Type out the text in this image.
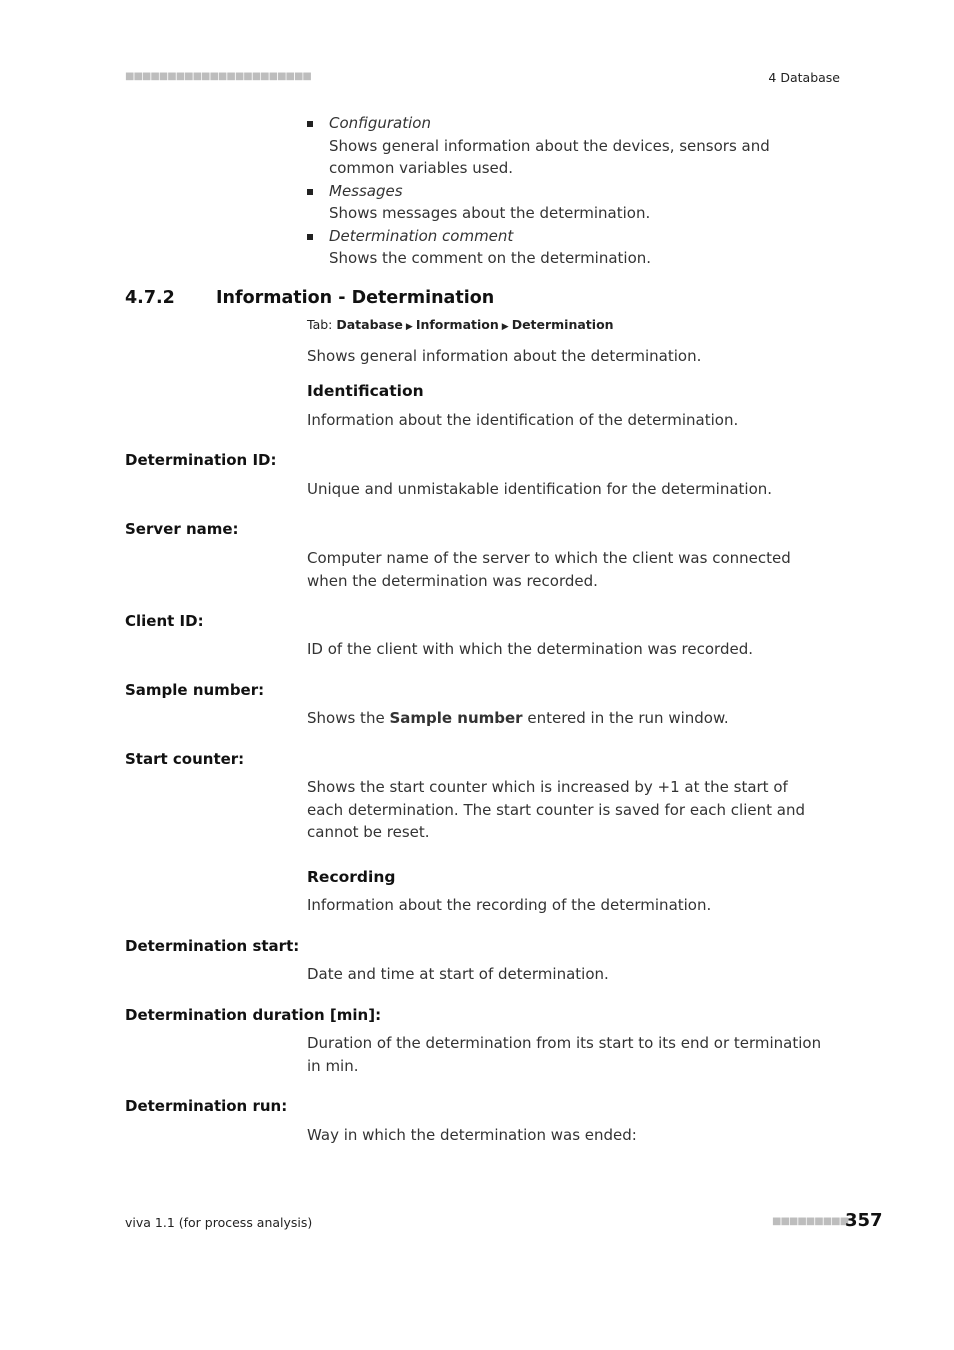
■■■■■■■■■■■■■■■■■■■■■■	4 Database
Configuration
Shows general information about the devices, sensors and common variables used.
Messages
Shows messages about the determination.
Determination comment
Shows the comment on the determination.
4.7.2 Information - Determination
Tab: Database ▶ Information ▶ Determination
Shows general information about the determination.
Identification
Information about the identification of the determination.
Determination ID:
Unique and unmistakable identification for the determination.
Server name:
Computer name of the server to which the client was connected when the determination was recorded.
Client ID:
ID of the client with which the determination was recorded.
Sample number:
Shows the Sample number entered in the run window.
Start counter:
Shows the start counter which is increased by +1 at the start of each determination. The start counter is saved for each client and cannot be reset.
Recording
Information about the recording of the determination.
Determination start:
Date and time at start of determination.
Determination duration [min]:
Duration of the determination from its start to its end or termination in min.
Determination run:
Way in which the determination was ended:
viva 1.1 (for process analysis)	■■■■■■■■■
357
